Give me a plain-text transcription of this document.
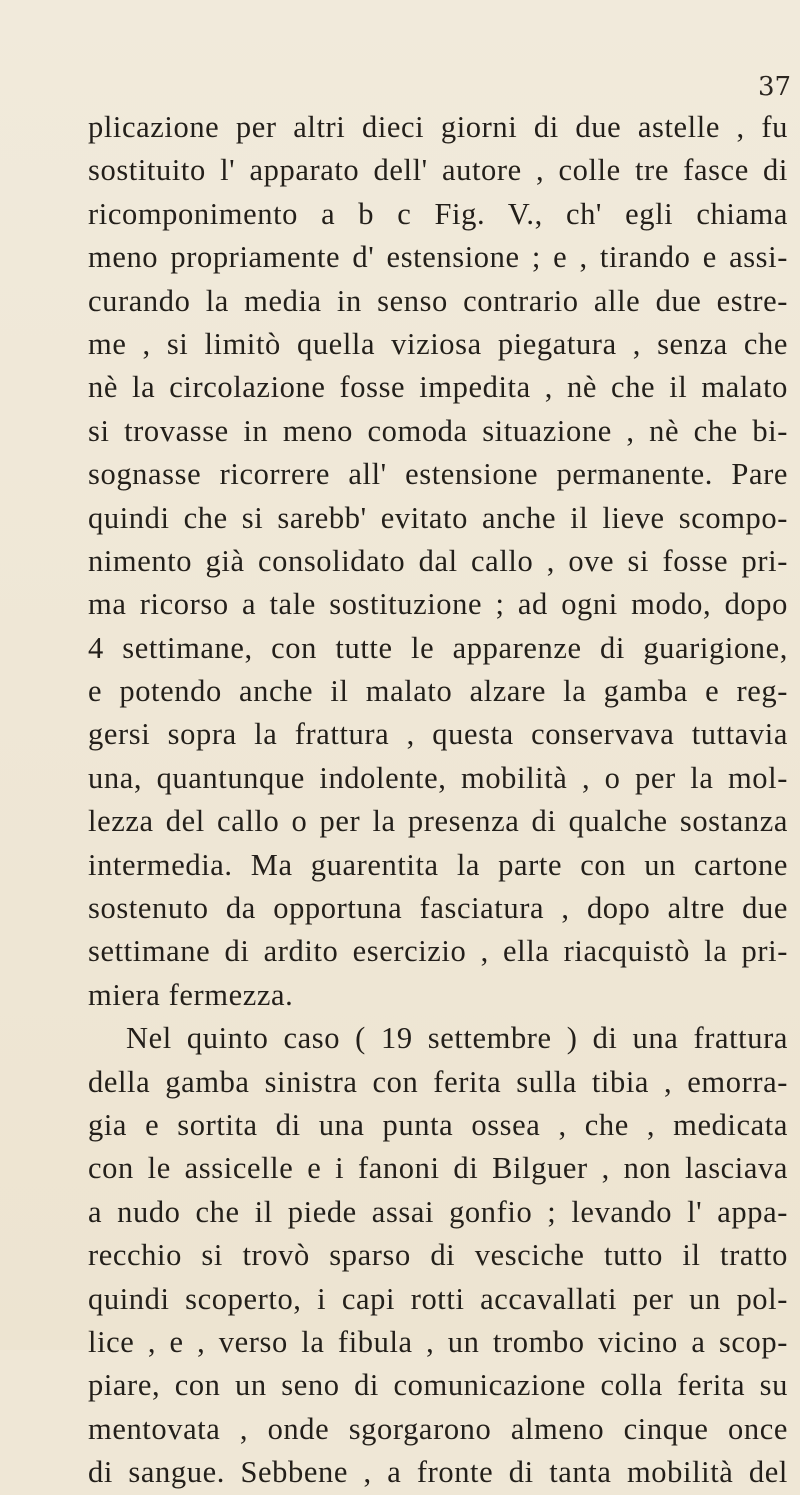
37
plicazione per altri dieci giorni di due astelle , fu
sostituito l' apparato dell' autore , colle tre fasce di
ricomponimento a b c Fig. V., ch' egli chiama
meno propriamente d' estensione ; e , tirando e assi-
curando la media in senso contrario alle due estre-
me , si limitò quella viziosa piegatura , senza che
nè la circolazione fosse impedita , nè che il malato
si trovasse in meno comoda situazione , nè che bi-
sognasse ricorrere all' estensione permanente. Pare
quindi che si sarebb' evitato anche il lieve scompo-
nimento già consolidato dal callo , ove si fosse pri-
ma ricorso a tale sostituzione ; ad ogni modo, dopo
4 settimane, con tutte le apparenze di guarigione,
e potendo anche il malato alzare la gamba e reg-
gersi sopra la frattura , questa conservava tuttavia
una, quantunque indolente, mobilità , o per la mol-
lezza del callo o per la presenza di qualche sostanza
intermedia. Ma guarentita la parte con un cartone
sostenuto da opportuna fasciatura , dopo altre due
settimane di ardito esercizio , ella riacquistò la pri-
miera fermezza.
Nel quinto caso ( 19 settembre ) di una frattura
della gamba sinistra con ferita sulla tibia , emorra-
gia e sortita di una punta ossea , che , medicata
con le assicelle e i fanoni di Bilguer , non lasciava
a nudo che il piede assai gonfio ; levando l' appa-
recchio si trovò sparso di vesciche tutto il tratto
quindi scoperto, i capi rotti accavallati per un pol-
lice , e , verso la fibula , un trombo vicino a scop-
piare, con un seno di comunicazione colla ferita su
mentovata , onde sgorgarono almeno cinque once
di sangue. Sebbene , a fronte di tanta mobilità del
